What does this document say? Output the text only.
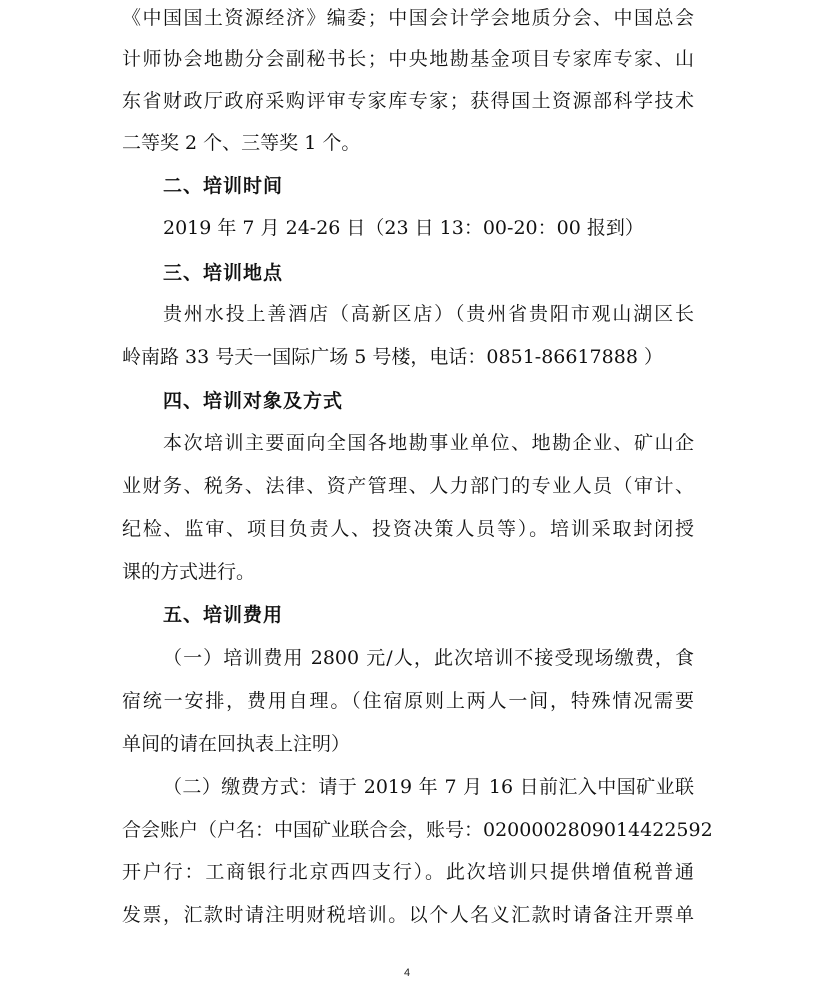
《中国国土资源经济》编委；中国会计学会地质分会、中国总会
计师协会地勘分会副秘书长；中央地勘基金项目专家库专家、山
东省财政厅政府采购评审专家库专家；获得国土资源部科学技术
二等奖 2 个、三等奖 1 个。
二、培训时间
2019 年 7 月 24-26 日（23 日 13：00-20：00 报到）
三、培训地点
贵州水投上善酒店（高新区店）（贵州省贵阳市观山湖区长
岭南路 33 号天一国际广场 5 号楼，电话：0851-86617888 ）
四、培训对象及方式
本次培训主要面向全国各地勘事业单位、地勘企业、矿山企
业财务、税务、法律、资产管理、人力部门的专业人员（审计、
纪检、监审、项目负责人、投资决策人员等）。培训采取封闭授
课的方式进行。
五、培训费用
（一）培训费用 2800 元/人，此次培训不接受现场缴费，食
宿统一安排，费用自理。（住宿原则上两人一间，特殊情况需要
单间的请在回执表上注明）
（二）缴费方式：请于 2019 年 7 月 16 日前汇入中国矿业联
合会账户（户名：中国矿业联合会，账号：0200002809014422592
开户行：工商银行北京西四支行）。此次培训只提供增值税普通
发票，汇款时请注明财税培训。以个人名义汇款时请备注开票单
4
